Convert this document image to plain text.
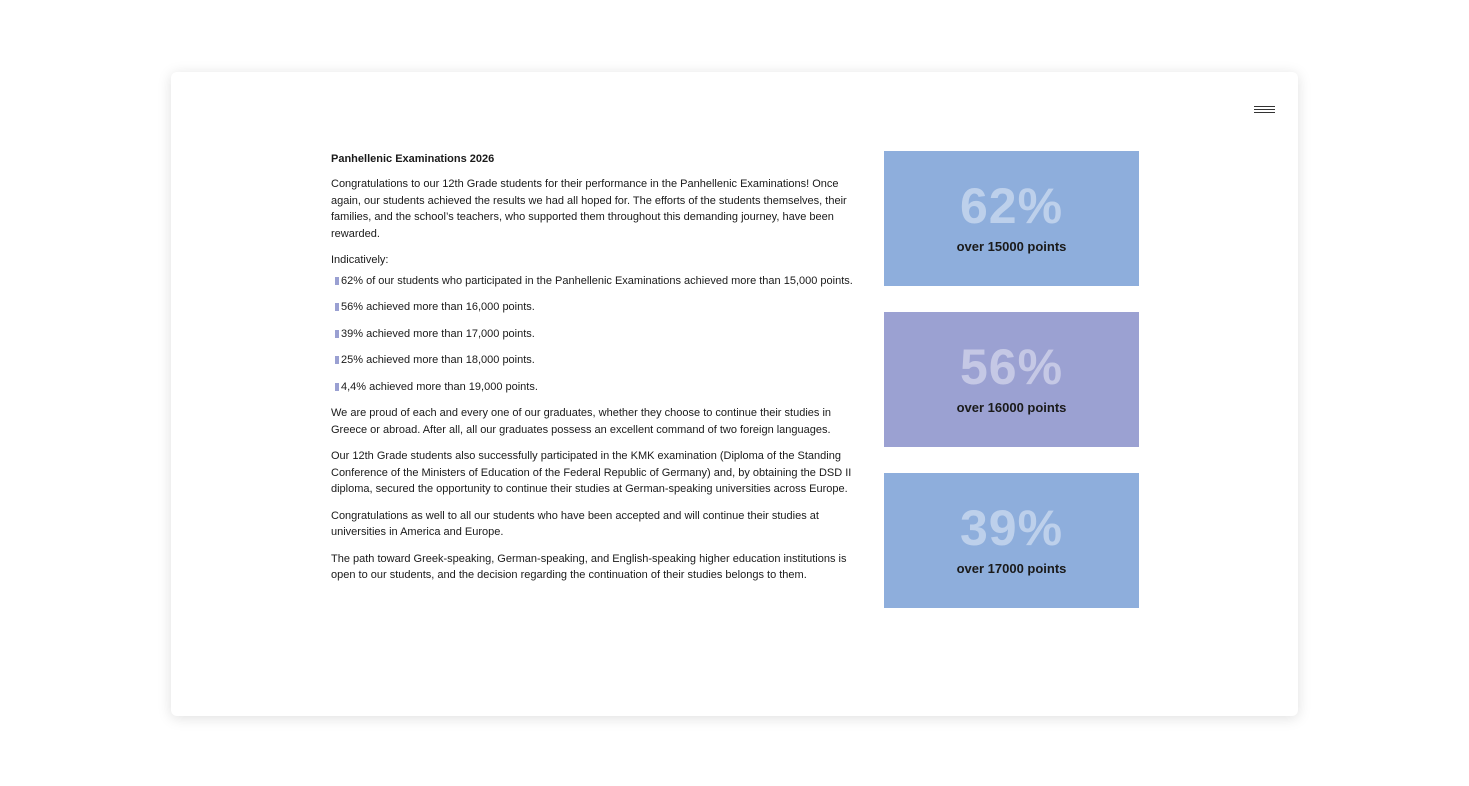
Panhellenic Examinations 2026

Congratulations to our 12th Grade students for their performance in the Panhellenic Examinations! Once again, our students achieved the results we had all hoped for. The efforts of the students themselves, their families, and the school’s teachers, who supported them throughout this demanding journey, have been rewarded.

Indicatively:

62% of our students who participated in the Panhellenic Examinations achieved more than 15,000 points.
56% achieved more than 16,000 points.
39% achieved more than 17,000 points.
25% achieved more than 18,000 points.
4,4% achieved more than 19,000 points.

We are proud of each and every one of our graduates, whether they choose to continue their studies in Greece or abroad. After all, all our graduates possess an excellent command of two foreign languages.

Our 12th Grade students also successfully participated in the KMK examination (Diploma of the Standing Conference of the Ministers of Education of the Federal Republic of Germany) and, by obtaining the DSD II diploma, secured the opportunity to continue their studies at German-speaking universities across Europe.

Congratulations as well to all our students who have been accepted and will continue their studies at universities in America and Europe.

The path toward Greek-speaking, German-speaking, and English-speaking higher education institutions is open to our students, and the decision regarding the continuation of their studies belongs to them.

62%
over 15000 points
56%
over 16000 points
39%
over 17000 points
